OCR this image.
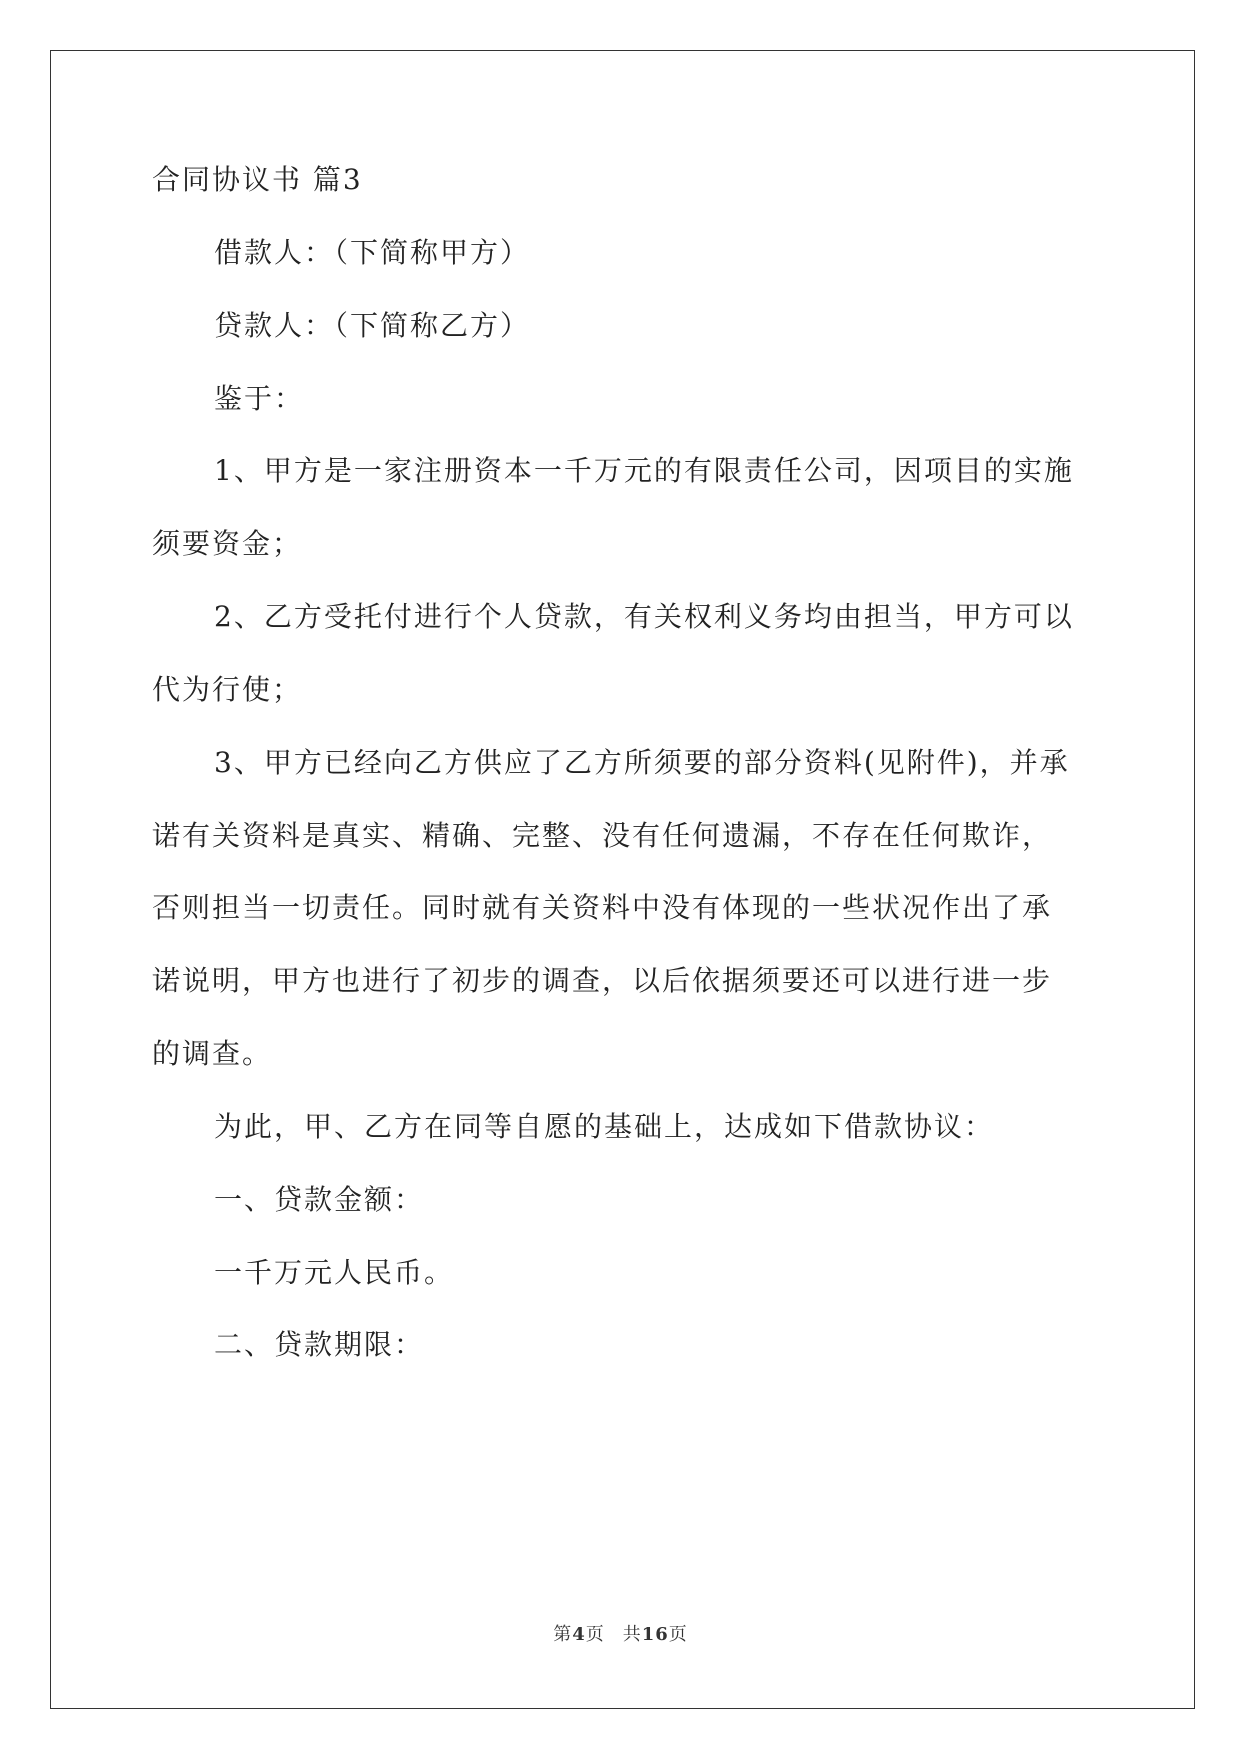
合同协议书 篇3
借款人：（下简称甲方）
贷款人：（下简称乙方）
鉴于：
1、甲方是一家注册资本一千万元的有限责任公司，因项目的实施
须要资金；
2、乙方受托付进行个人贷款，有关权利义务均由担当，甲方可以
代为行使；
3、甲方已经向乙方供应了乙方所须要的部分资料(见附件)，并承
诺有关资料是真实、精确、完整、没有任何遗漏，不存在任何欺诈，
否则担当一切责任。同时就有关资料中没有体现的一些状况作出了承
诺说明，甲方也进行了初步的调查，以后依据须要还可以进行进一步
的调查。
为此，甲、乙方在同等自愿的基础上，达成如下借款协议：
一、贷款金额：
一千万元人民币。
二、贷款期限：
第4页 共16页
